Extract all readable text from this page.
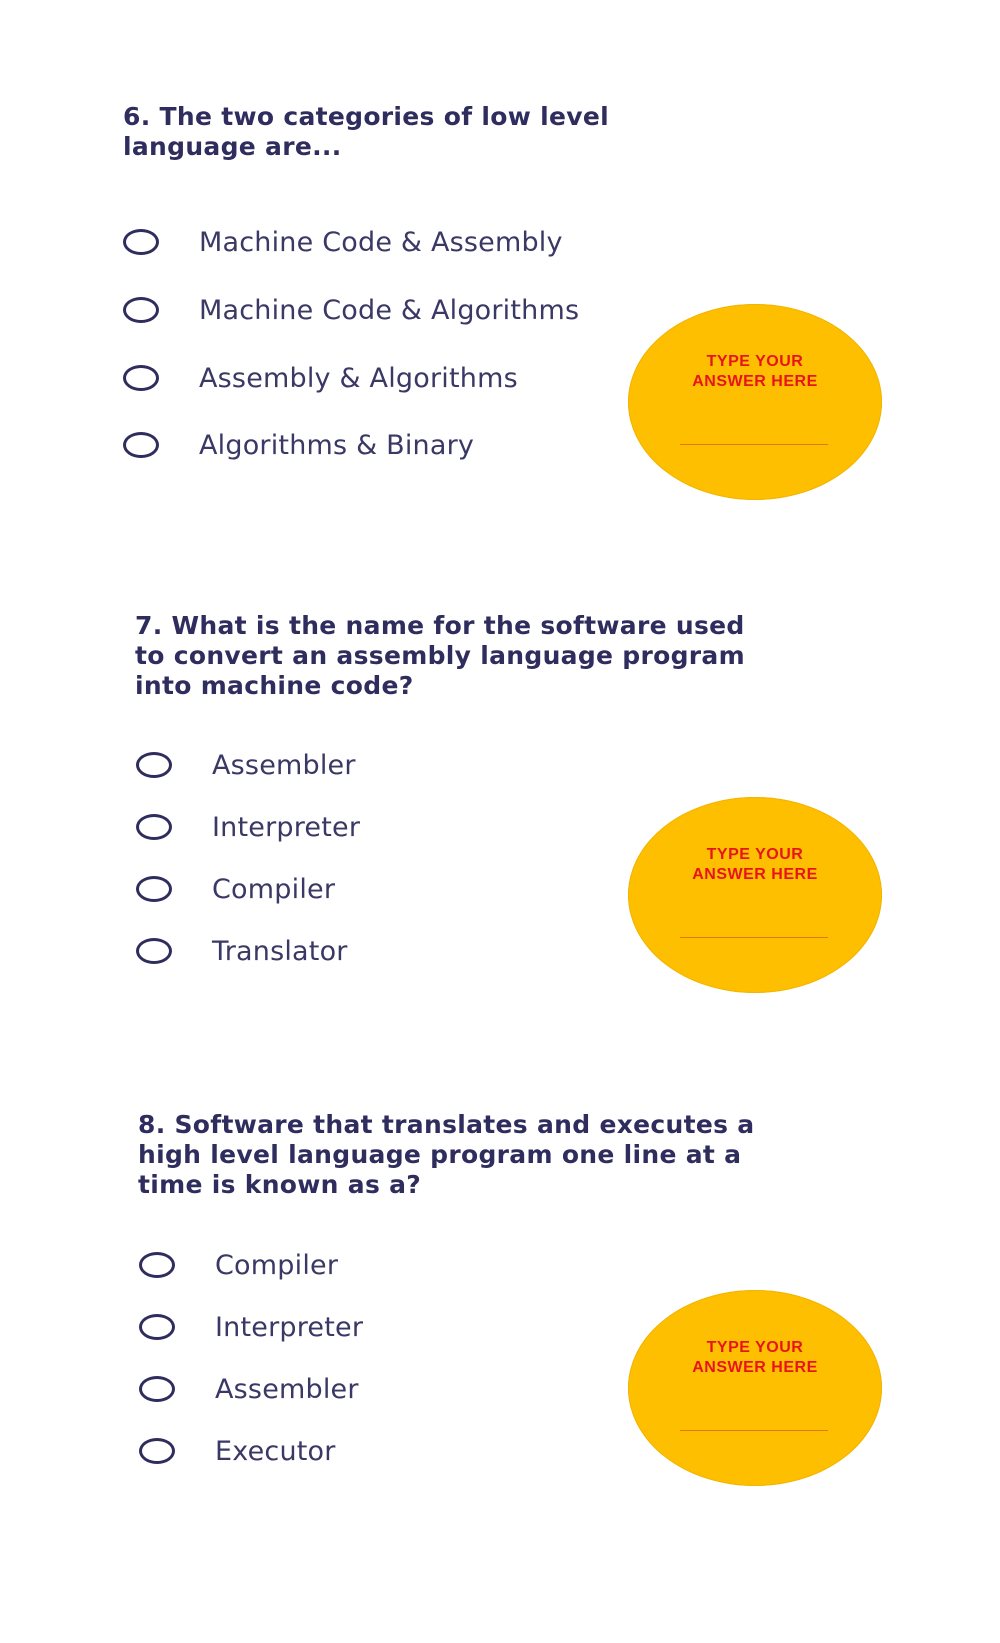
6. The two categories of low level
language are...
Machine Code & Assembly
Machine Code & Algorithms
Assembly & Algorithms
Algorithms & Binary
TYPE YOUR
ANSWER HERE
7. What is the name for the software used
to convert an assembly language program
into machine code?
Assembler
Interpreter
Compiler
Translator
TYPE YOUR
ANSWER HERE
8. Software that translates and executes a
high level language program one line at a
time is known as a?
Compiler
Interpreter
Assembler
Executor
TYPE YOUR
ANSWER HERE
